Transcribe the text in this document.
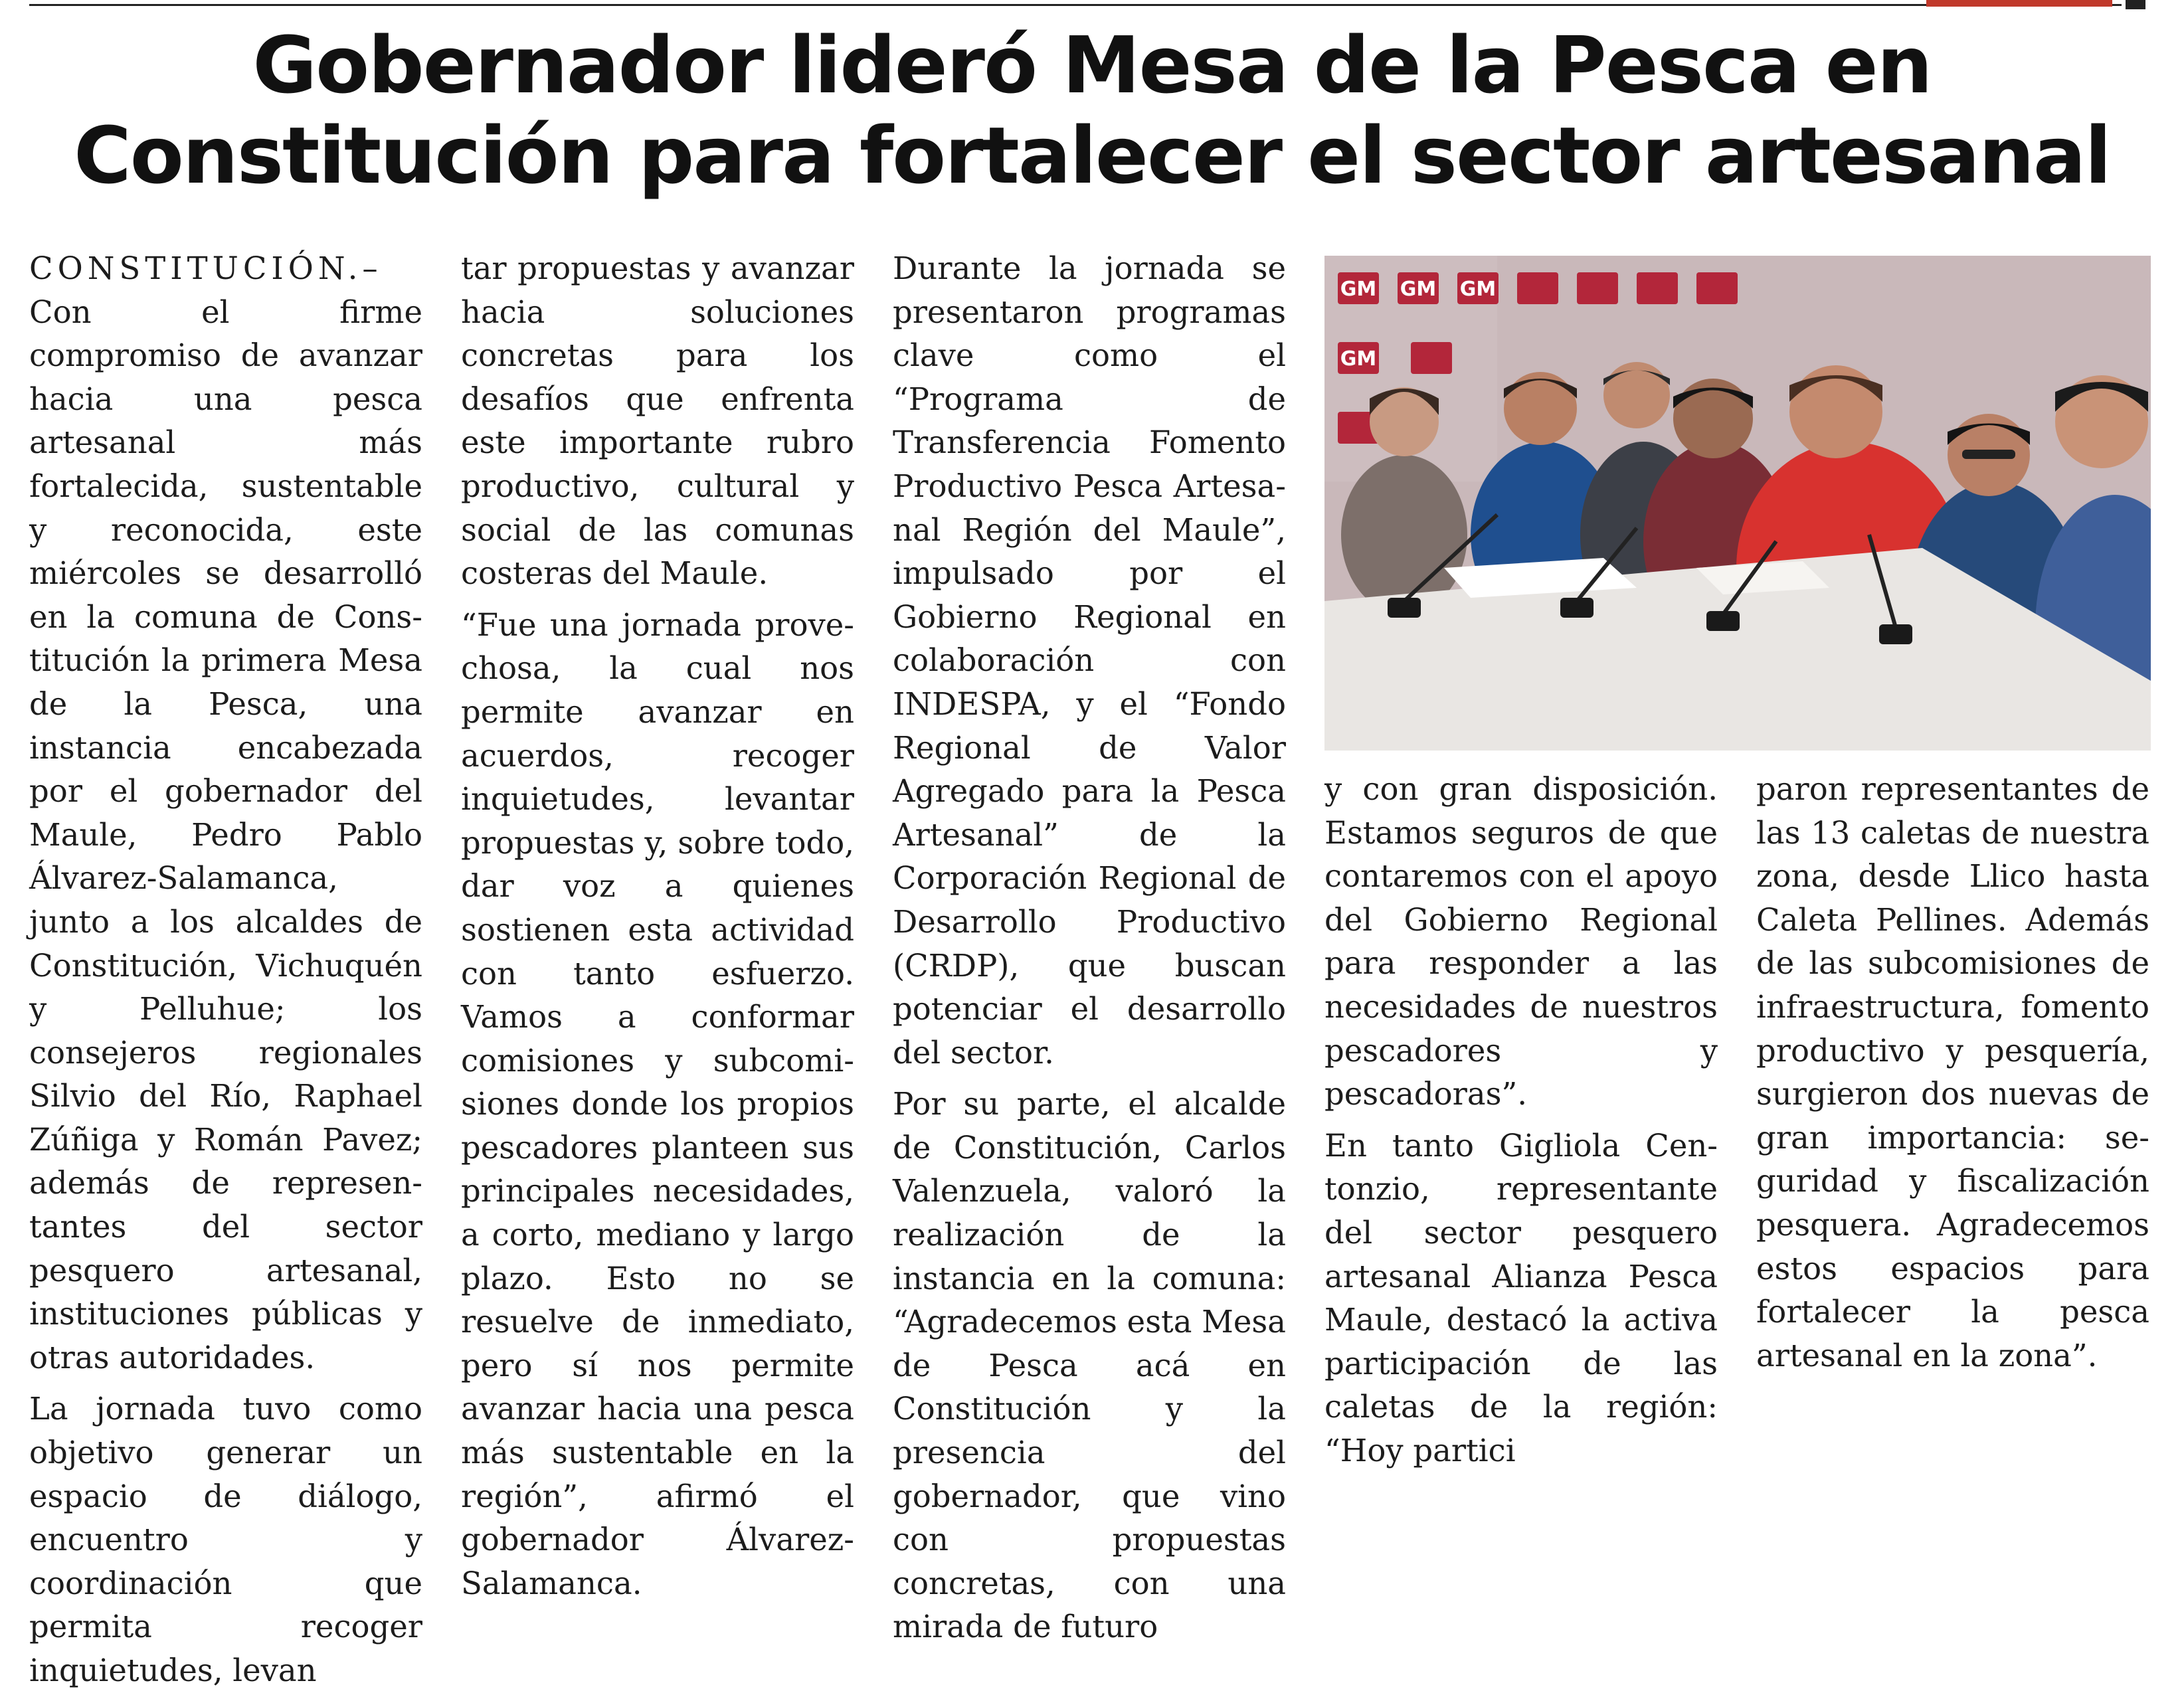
Gobernador lideró Mesa de la Pesca en Constitución para fortalecer el sector artesanal

CONSTITUCIÓN.– Con el firme compromiso de avanzar hacia una pesca artesanal más fortalecida, sustentable y reconocida, este miércoles se desarrolló en la comuna de Constitución la primera Mesa de la Pesca, una instancia encabezada por el gobernador del Maule, Pedro Pablo Álvarez-Salamanca, junto a los alcaldes de Constitución, Vichuquén y Pelluhue; los consejeros regionales Silvio del Río, Raphael Zúñiga y Román Pavez; además de representantes del sector pesquero artesanal, instituciones públicas y otras autoridades.

La jornada tuvo como objetivo generar un espacio de diálogo, encuentro y coordinación que permita recoger inquietudes, levan

tar propuestas y avanzar hacia soluciones concretas para los desafíos que enfrenta este importante rubro productivo, cultural y social de las comunas costeras del Maule.

“Fue una jornada provechosa, la cual nos permite avanzar en acuerdos, recoger inquietudes, levantar propuestas y, sobre todo, dar voz a quienes sostienen esta actividad con tanto esfuerzo. Vamos a conformar comisiones y subcomisiones donde los propios pescadores planteen sus principales necesidades, a corto, mediano y largo plazo. Esto no se resuelve de inmediato, pero sí nos permite avanzar hacia una pesca más sustentable en la región”, afirmó el gobernador Álvarez-Salamanca.

Durante la jornada se presentaron programas clave como el “Programa de Transferencia Fomento Productivo Pesca Artesanal Región del Maule”, impulsado por el Gobierno Regional en colaboración con INDESPA, y el “Fondo Regional de Valor Agregado para la Pesca Artesanal” de la Corporación Regional de Desarrollo Productivo (CRDP), que buscan potenciar el desarrollo del sector.

Por su parte, el alcalde de Constitución, Carlos Valenzuela, valoró la realización de la instancia en la comuna: “Agradecemos esta Mesa de Pesca acá en Constitución y la presencia del gobernador, que vino con propuestas concretas, con una mirada de futuro

GM GM GM
GM

y con gran disposición. Estamos seguros de que contaremos con el apoyo del Gobierno Regional para responder a las necesidades de nuestros pescadores y pescadoras”.

En tanto Gigliola Centonzio, representante del sector pesquero artesanal Alianza Pesca Maule, destacó la activa participación de las caletas de la región: “Hoy partici

paron representantes de las 13 caletas de nuestra zona, desde Llico hasta Caleta Pellines. Además de las subcomisiones de infraestructura, fomento productivo y pesquería, surgieron dos nuevas de gran importancia: seguridad y fiscalización pesquera. Agradecemos estos espacios para fortalecer la pesca artesanal en la zona”.
